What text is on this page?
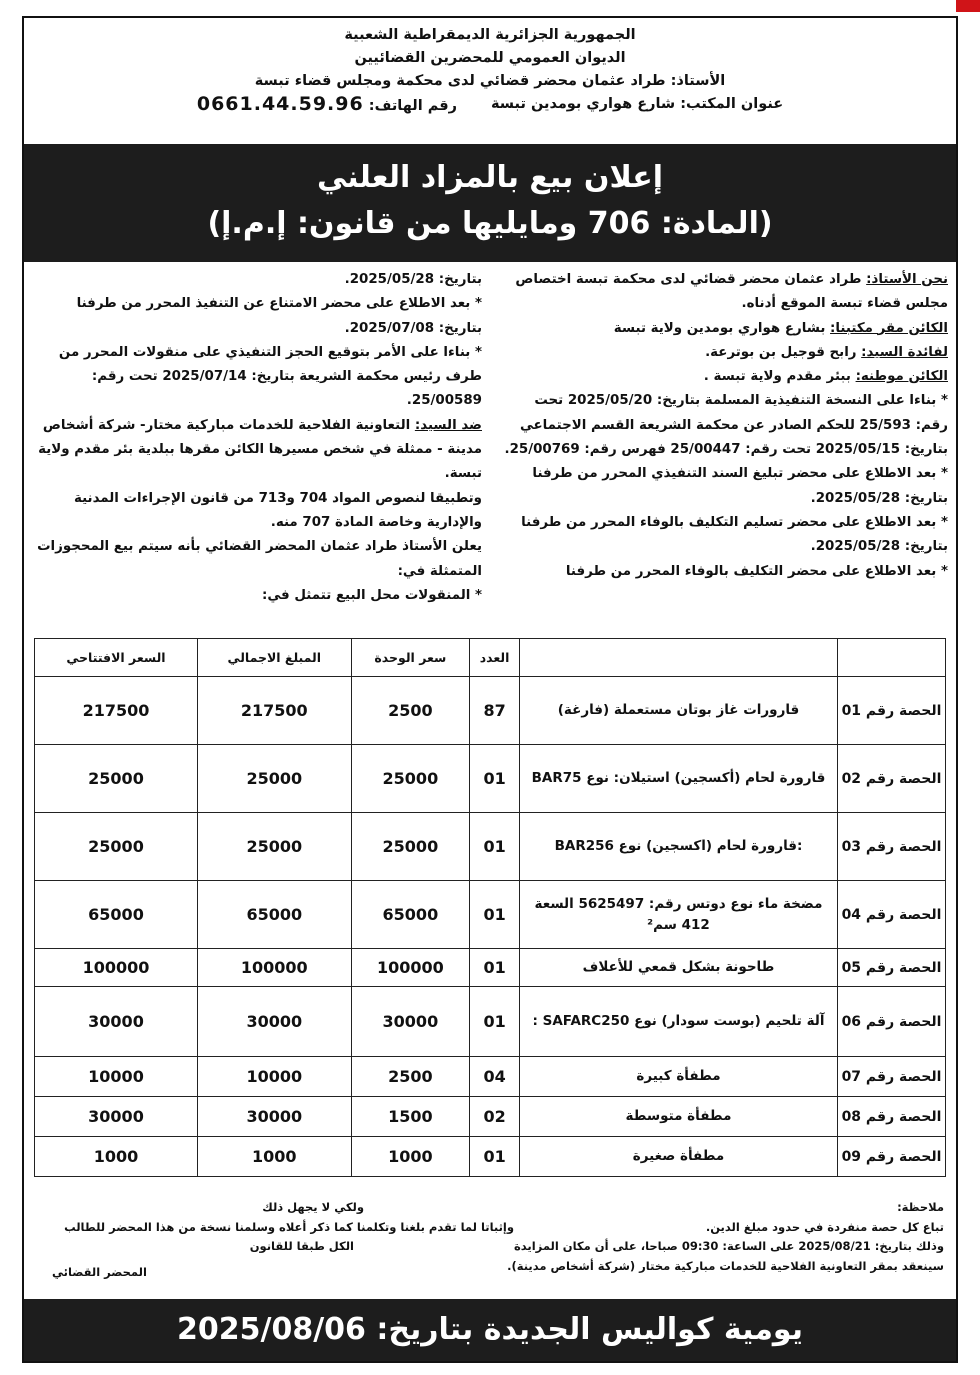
الجمهورية الجزائرية الديمقراطية الشعبية
الديوان العمومي للمحضرين القضائيين
الأستاذ: طراد عثمان محضر قضائي لدى محكمة ومجلس قضاء تبسة
عنوان المكتب: شارع هواري بومدين تبسة
رقم الهاتف: 0661.44.59.96
إعلان بيع بالمزاد العلني
(المادة: 706 ومايليها من قانون: إ.م.إ)

نحن الأستاذ: طراد عثمان محضر قضائي لدى محكمة تبسة اختصاص مجلس قضاء تبسة الموقع أدناه.

الكائن مقر مكتبنا: بشارع هواري بومدين ولاية تبسة

لفائدة السيد: رابح قوجيل بن بوترعة.

الكائن موطنه: ببئر مقدم ولاية تبسة .

* بناءا على النسخة التنفيذية المسلمة بتاريخ: 2025/05/20 تحت رقم: 25/593 للحكم الصادر عن محكمة الشريعة القسم الاجتماعي بتاريخ: 2025/05/15 تحت رقم: 25/00447 فهرس رقم: 25/00769.

* بعد الاطلاع على محضر تبليغ السند التنفيذي المحرر من طرفنا بتاريخ: 2025/05/28.

* بعد الاطلاع على محضر تسليم التكليف بالوفاء المحرر من طرفنا بتاريخ: 2025/05/28.

* بعد الاطلاع على محضر التكليف بالوفاء المحرر من طرفنا

بتاريخ: 2025/05/28.

* بعد الاطلاع على محضر الامتناع عن التنفيذ المحرر من طرفنا بتاريخ: 2025/07/08.

* بناءا على الأمر بتوقيع الحجز التنفيذي على منقولات المحرر من طرف رئيس محكمة الشريعة بتاريخ: 2025/07/14 تحت رقم: 25/00589.

ضد السيد: التعاونية الفلاحية للخدمات مباركية مختار- شركة أشخاص مدينة - ممثلة في شخص مسيرها الكائن مقرها ببلدية بئر مقدم ولاية تبسة.

وتطبيقا لنصوص المواد 704 و713 من قانون الإجراءات المدنية والإدارية وخاصة المادة 707 منه.

يعلن الأستاذ طراد عثمان المحضر القضائي بأنه سيتم بيع المحجوزات المتمثلة في:

* المنقولات محل البيع تتمثل في:

		العدد	سعر الوحدة	المبلغ الاجمالي	السعر الافتتاحي
الحصة رقم 01	قارورات غاز بوتان مستعملة (فارغة)	87	2500	217500	217500
الحصة رقم 02	قارورة لحام (أكسجين) استيلان: نوع BAR75	01	25000	25000	25000
الحصة رقم 03	:قارورة لحام (اكسجين) نوع BAR256	01	25000	25000	25000
الحصة رقم 04	مضخة ماء نوع دوتس رقم: 5625497 السعة 412 سم²	01	65000	65000	65000
الحصة رقم 05	طاحونة بشكل قمعي للأعلاف	01	100000	100000	100000
الحصة رقم 06	آلة تلحيم (بوست سودار) نوع SAFARC250 :	01	30000	30000	30000
الحصة رقم 07	مطفأة كبيرة	04	2500	10000	10000
الحصة رقم 08	مطفأة متوسطة	02	1500	30000	30000
الحصة رقم 09	مطفأة صغيرة	01	1000	1000	1000
ملاحظة:
تباع كل حصة منفردة في حدود مبلغ الدين.
وذلك بتاريخ: 2025/08/21 على الساعة: 09:30 صباحا، على أن مكان المزايدة
سينعقد بمقر التعاونية الفلاحية للخدمات مباركية مختار (شركة أشخاص مدينة).
ولكي لا يجهل ذلك
وإثباتا لما تقدم بلغنا وتكلمنا كما ذكر أعلاه وسلمنا نسخة من هذا المحضر للطالب
الكل طبقا للقانون
المحضر القضائي
يومية كواليس الجديدة بتاريخ: 2025/08/06
